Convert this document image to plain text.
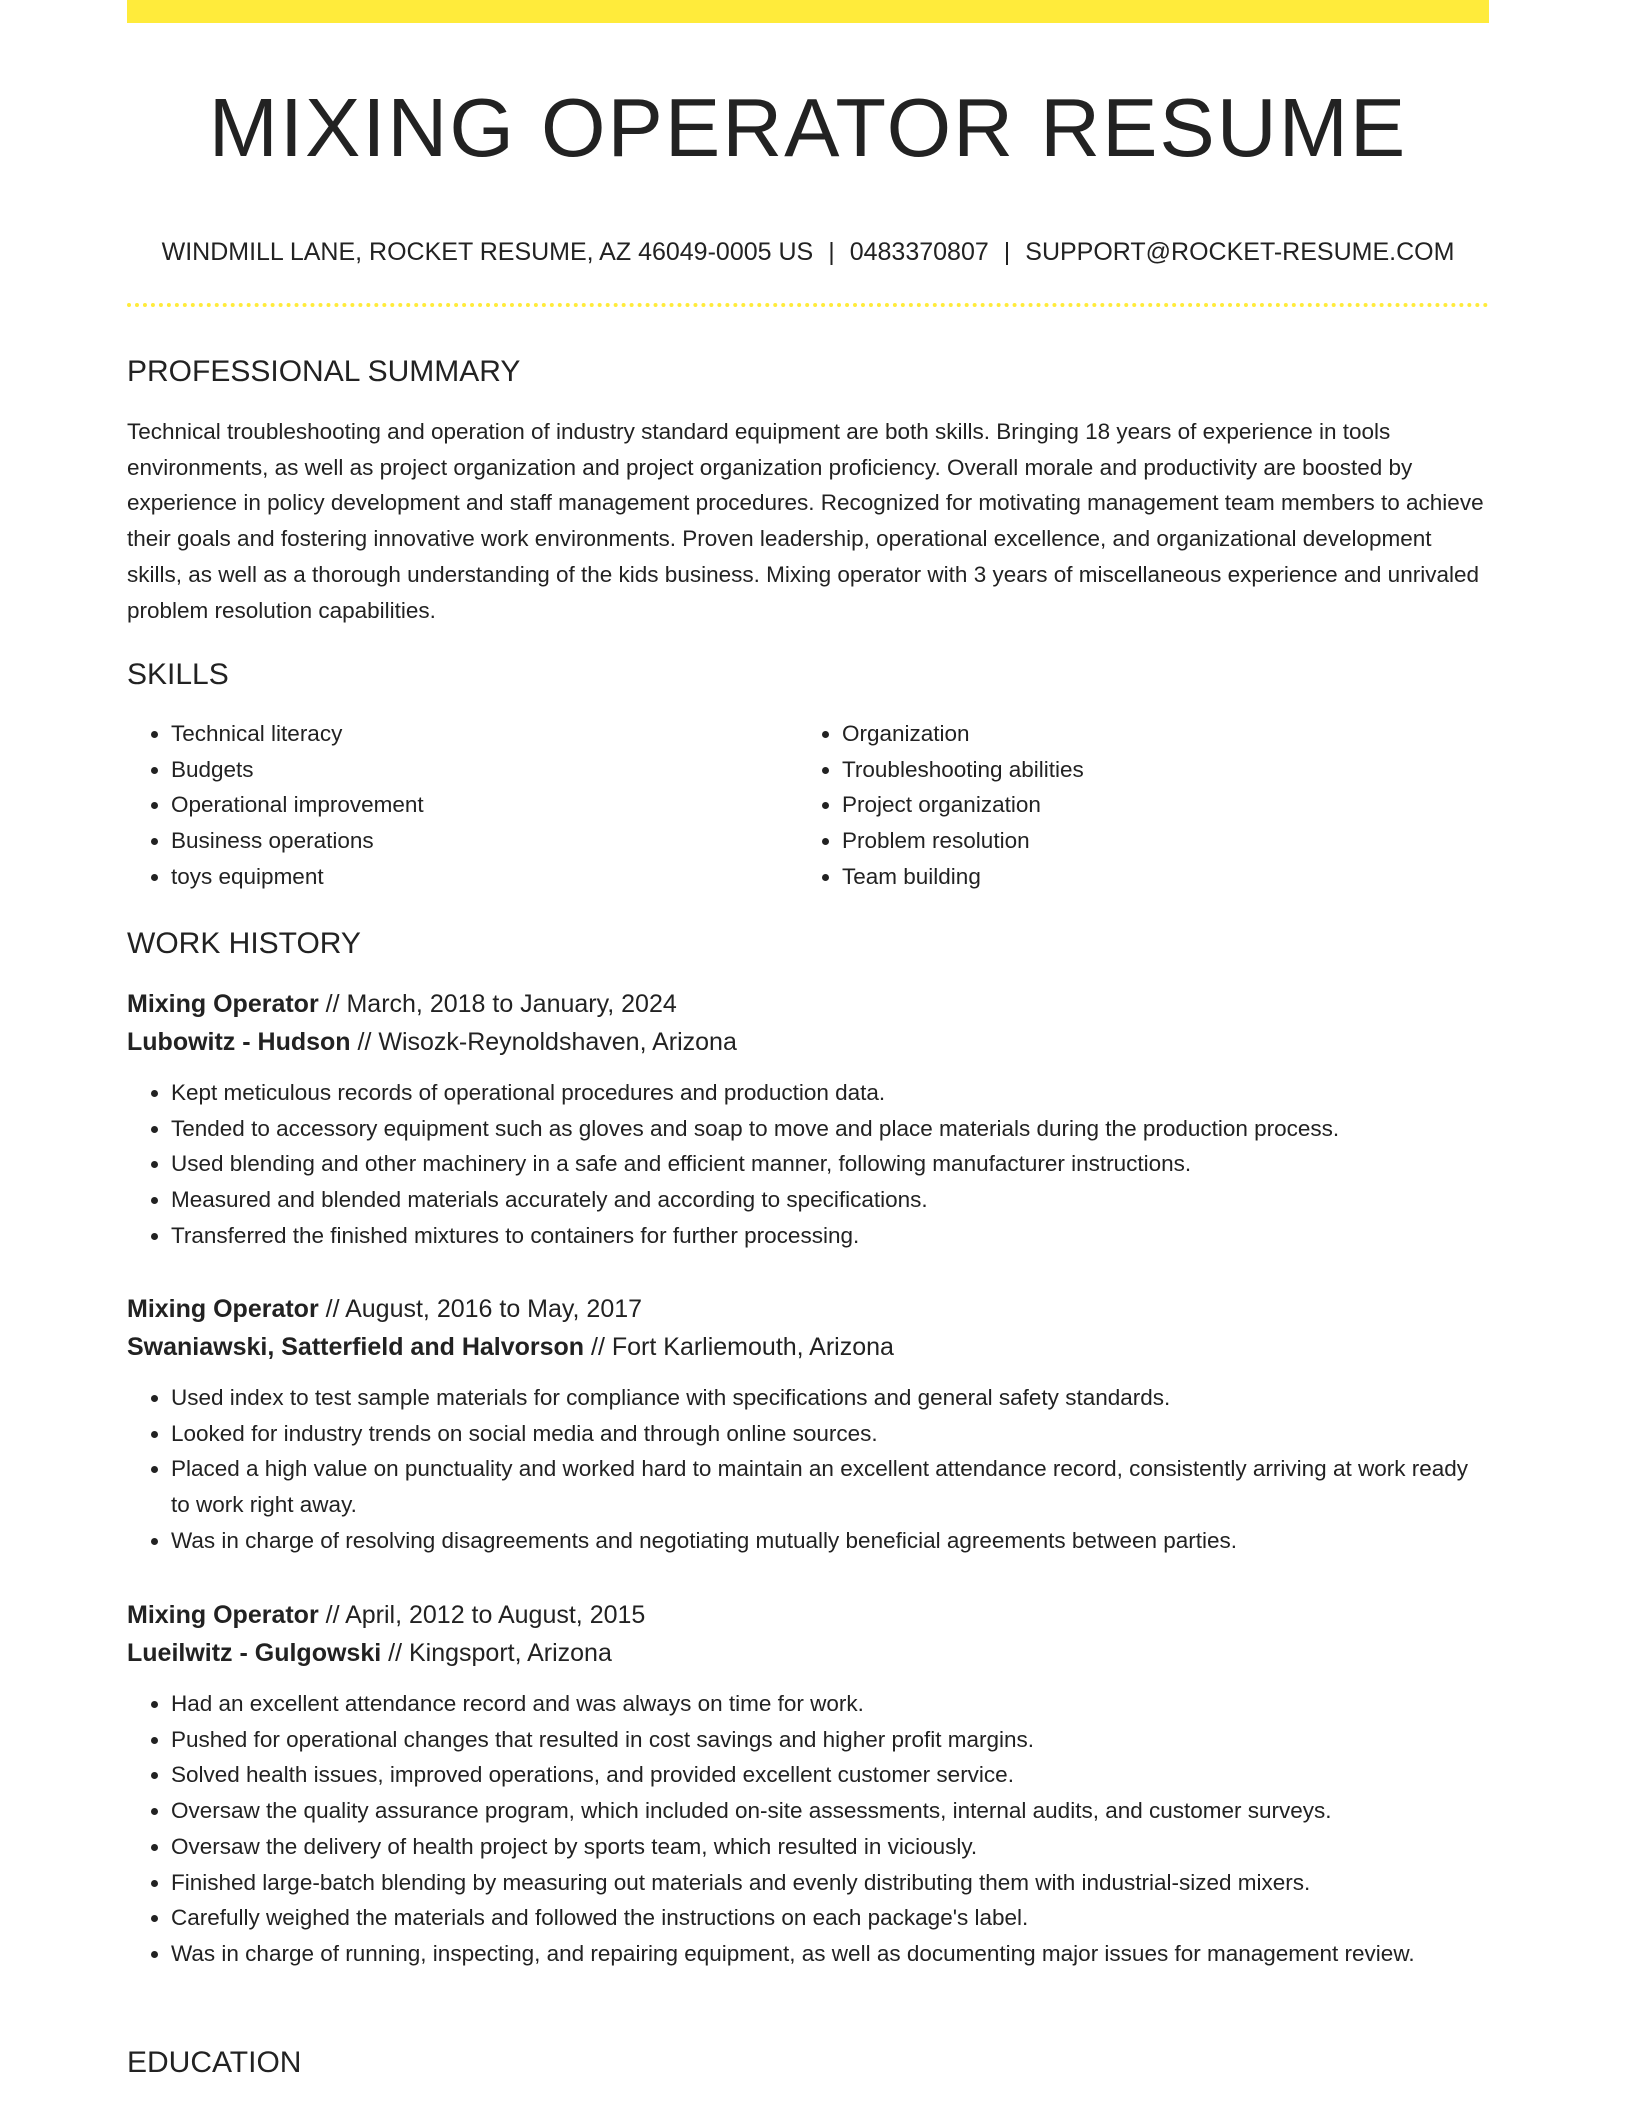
MIXING OPERATOR RESUME
WINDMILL LANE, ROCKET RESUME, AZ 46049-0005 US | 0483370807 | SUPPORT@ROCKET-RESUME.COM
PROFESSIONAL SUMMARY

Technical troubleshooting and operation of industry standard equipment are both skills. Bringing 18 years of experience in tools environments, as well as project organization and project organization proficiency. Overall morale and productivity are boosted by experience in policy development and staff management procedures. Recognized for motivating management team members to achieve their goals and fostering innovative work environments. Proven leadership, operational excellence, and organizational development skills, as well as a thorough understanding of the kids business. Mixing operator with 3 years of miscellaneous experience and unrivaled problem resolution capabilities.

SKILLS
• Technical literacy
• Budgets
• Operational improvement
• Business operations
• toys equipment
• Organization
• Troubleshooting abilities
• Project organization
• Problem resolution
• Team building
WORK HISTORY
Mixing Operator // March, 2018 to January, 2024
Lubowitz - Hudson // Wisozk-Reynoldshaven, Arizona
• Kept meticulous records of operational procedures and production data.
• Tended to accessory equipment such as gloves and soap to move and place materials during the production process.
• Used blending and other machinery in a safe and efficient manner, following manufacturer instructions.
• Measured and blended materials accurately and according to specifications.
• Transferred the finished mixtures to containers for further processing.
Mixing Operator // August, 2016 to May, 2017
Swaniawski, Satterfield and Halvorson // Fort Karliemouth, Arizona
• Used index to test sample materials for compliance with specifications and general safety standards.
• Looked for industry trends on social media and through online sources.
• Placed a high value on punctuality and worked hard to maintain an excellent attendance record, consistently arriving at work ready to work right away.
• Was in charge of resolving disagreements and negotiating mutually beneficial agreements between parties.
Mixing Operator // April, 2012 to August, 2015
Lueilwitz - Gulgowski // Kingsport, Arizona
• Had an excellent attendance record and was always on time for work.
• Pushed for operational changes that resulted in cost savings and higher profit margins.
• Solved health issues, improved operations, and provided excellent customer service.
• Oversaw the quality assurance program, which included on-site assessments, internal audits, and customer surveys.
• Oversaw the delivery of health project by sports team, which resulted in viciously.
• Finished large-batch blending by measuring out materials and evenly distributing them with industrial-sized mixers.
• Carefully weighed the materials and followed the instructions on each package's label.
• Was in charge of running, inspecting, and repairing equipment, as well as documenting major issues for management review.
EDUCATION
